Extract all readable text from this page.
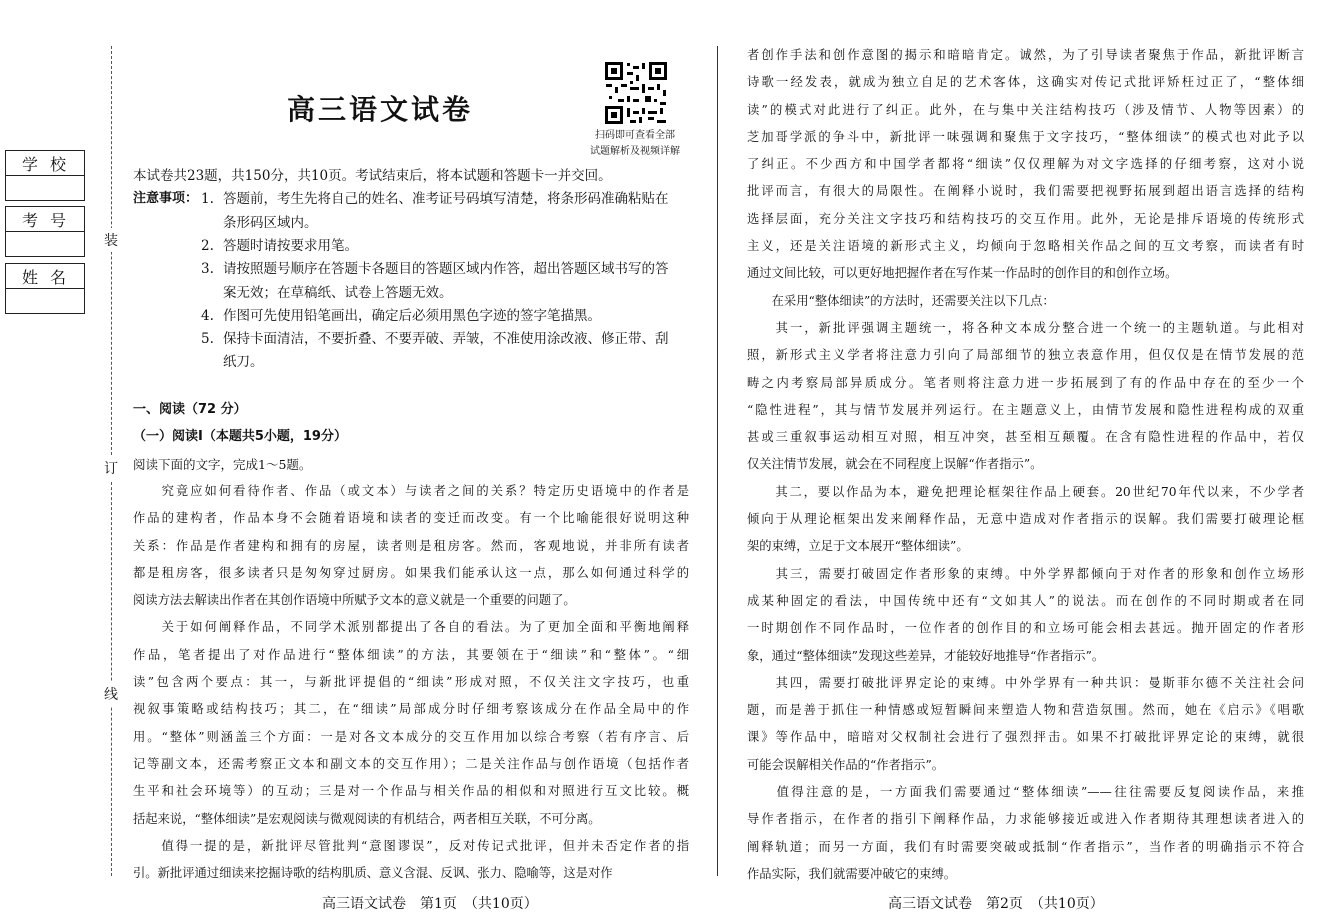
学校
考号
姓名
装
订
线
高三语文试卷
扫码即可查看全部
试题解析及视频详解
本试卷共23题，共150分，共10页。考试结束后，将本试题和答题卡一并交回。
注意事项： 1. 答题前，考生先将自己的姓名、准考证号码填写清楚，将条形码准确粘贴在
条形码区域内。
2. 答题时请按要求用笔。
3. 请按照题号顺序在答题卡各题目的答题区域内作答，超出答题区域书写的答
案无效；在草稿纸、试卷上答题无效。
4. 作图可先使用铅笔画出，确定后必须用黑色字迹的签字笔描黑。
5. 保持卡面清洁，不要折叠、不要弄破、弄皱，不准使用涂改液、修正带、刮
纸刀。
一、阅读（72 分）
（一）阅读Ⅰ（本题共5小题，19分）
阅读下面的文字，完成1～5题。
　　究竟应如何看待作者、作品（或文本）与读者之间的关系？特定历史语境中的作者是
作品的建构者，作品本身不会随着语境和读者的变迁而改变。有一个比喻能很好说明这种
关系：作品是作者建构和拥有的房屋，读者则是租房客。然而，客观地说，并非所有读者
都是租房客，很多读者只是匆匆穿过厨房。如果我们能承认这一点，那么如何通过科学的
阅读方法去解读出作者在其创作语境中所赋予文本的意义就是一个重要的问题了。
　　关于如何阐释作品，不同学术派别都提出了各自的看法。为了更加全面和平衡地阐释
作品，笔者提出了对作品进行“整体细读”的方法，其要领在于“细读”和“整体”。“细
读”包含两个要点：其一，与新批评提倡的“细读”形成对照，不仅关注文字技巧，也重
视叙事策略或结构技巧；其二，在“细读”局部成分时仔细考察该成分在作品全局中的作
用。“整体”则涵盖三个方面：一是对各文本成分的交互作用加以综合考察（若有序言、后
记等副文本，还需考察正文本和副文本的交互作用）；二是关注作品与创作语境（包括作者
生平和社会环境等）的互动；三是对一个作品与相关作品的相似和对照进行互文比较。概
括起来说，“整体细读”是宏观阅读与微观阅读的有机结合，两者相互关联，不可分离。
　　值得一提的是，新批评尽管批判“意图谬误”，反对传记式批评，但并未否定作者的指
引。新批评通过细读来挖掘诗歌的结构肌质、意义含混、反讽、张力、隐喻等，这是对作
高三语文试卷　第1页　（共10页）
者创作手法和创作意图的揭示和暗暗肯定。诚然，为了引导读者聚焦于作品，新批评断言
诗歌一经发表，就成为独立自足的艺术客体，这确实对传记式批评矫枉过正了，“整体细
读”的模式对此进行了纠正。此外，在与集中关注结构技巧（涉及情节、人物等因素）的
芝加哥学派的争斗中，新批评一味强调和聚焦于文字技巧，“整体细读”的模式也对此予以
了纠正。不少西方和中国学者都将“细读”仅仅理解为对文字选择的仔细考察，这对小说
批评而言，有很大的局限性。在阐释小说时，我们需要把视野拓展到超出语言选择的结构
选择层面，充分关注文字技巧和结构技巧的交互作用。此外，无论是排斥语境的传统形式
主义，还是关注语境的新形式主义，均倾向于忽略相关作品之间的互文考察，而读者有时
通过文间比较，可以更好地把握作者在写作某一作品时的创作目的和创作立场。
　　在采用“整体细读”的方法时，还需要关注以下几点：
　　其一，新批评强调主题统一，将各种文本成分整合进一个统一的主题轨道。与此相对
照，新形式主义学者将注意力引向了局部细节的独立表意作用，但仅仅是在情节发展的范
畴之内考察局部异质成分。笔者则将注意力进一步拓展到了有的作品中存在的至少一个
“隐性进程”，其与情节发展并列运行。在主题意义上，由情节发展和隐性进程构成的双重
甚或三重叙事运动相互对照，相互冲突，甚至相互颠覆。在含有隐性进程的作品中，若仅
仅关注情节发展，就会在不同程度上误解“作者指示”。
　　其二，要以作品为本，避免把理论框架往作品上硬套。20世纪70年代以来，不少学者
倾向于从理论框架出发来阐释作品，无意中造成对作者指示的误解。我们需要打破理论框
架的束缚，立足于文本展开“整体细读”。
　　其三，需要打破固定作者形象的束缚。中外学界都倾向于对作者的形象和创作立场形
成某种固定的看法，中国传统中还有“文如其人”的说法。而在创作的不同时期或者在同
一时期创作不同作品时，一位作者的创作目的和立场可能会相去甚远。抛开固定的作者形
象，通过“整体细读”发现这些差异，才能较好地推导“作者指示”。
　　其四，需要打破批评界定论的束缚。中外学界有一种共识：曼斯菲尔德不关注社会问
题，而是善于抓住一种情感或短暂瞬间来塑造人物和营造氛围。然而，她在《启示》《唱歌
课》等作品中，暗暗对父权制社会进行了强烈抨击。如果不打破批评界定论的束缚，就很
可能会误解相关作品的“作者指示”。
　　值得注意的是，一方面我们需要通过“整体细读”——往往需要反复阅读作品，来推
导作者指示，在作者的指引下阐释作品，力求能够接近或进入作者期待其理想读者进入的
阐释轨道；而另一方面，我们有时需要突破或抵制“作者指示”，当作者的明确指示不符合
作品实际，我们就需要冲破它的束缚。
高三语文试卷　第2页　（共10页）
